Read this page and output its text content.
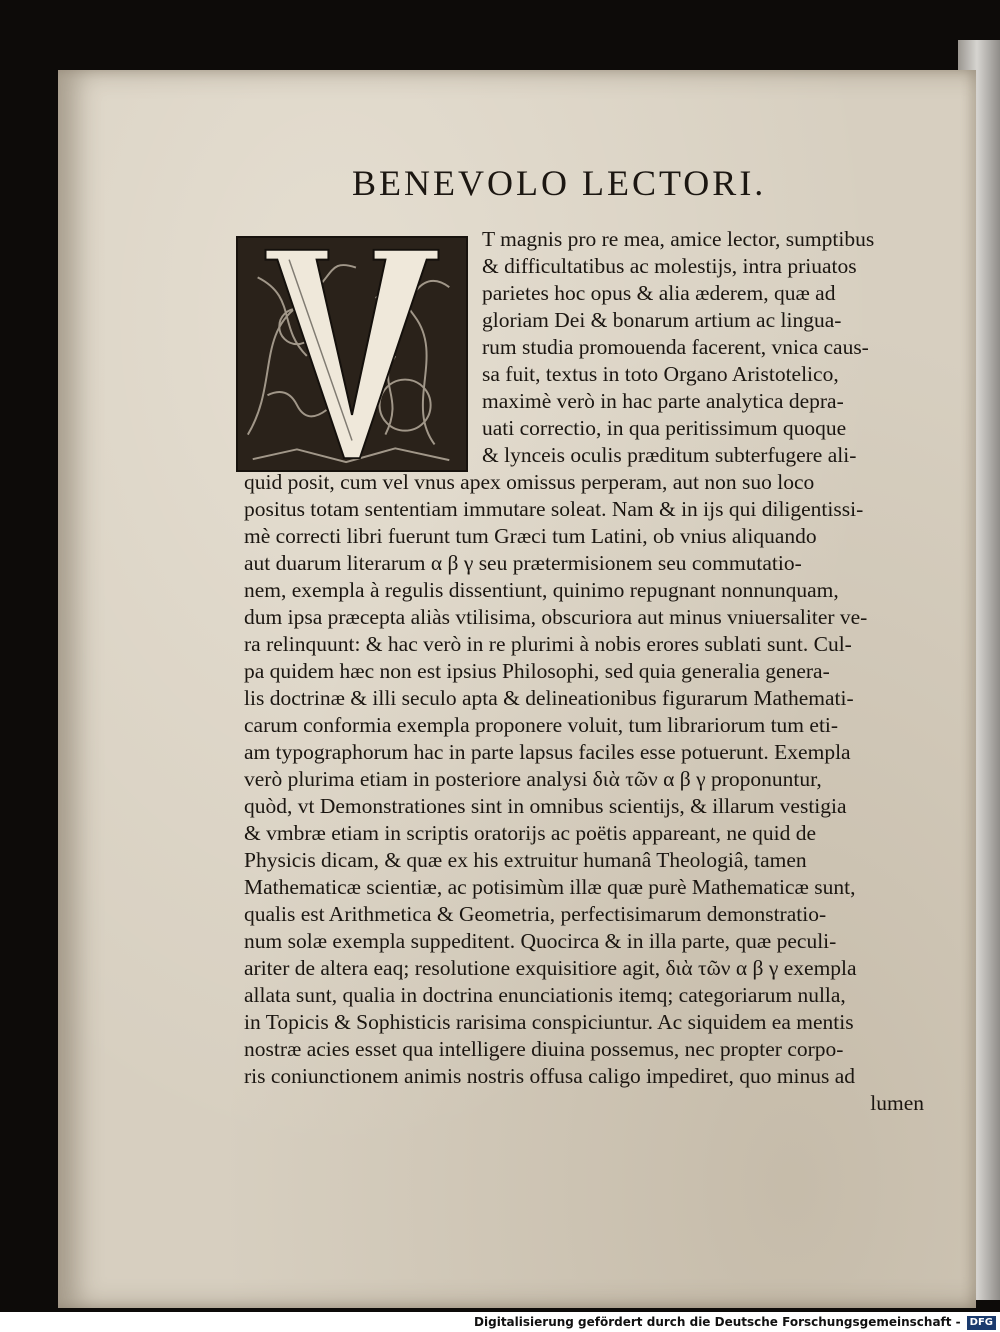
BENEVOLO LECTORI.
T magnis pro re mea, amice lector, sumptibus
& difficultatibus ac molestijs, intra priuatos
parietes hoc opus & alia æderem, quæ ad
gloriam Dei & bonarum artium ac lingua-
rum studia promouenda facerent, vnica caus-
sa fuit, textus in toto Organo Aristotelico,
maximè verò in hac parte analytica depra-
uati correctio, in qua peritissimum quoque
& lynceis oculis præditum subterfugere ali-
quid posit, cum vel vnus apex omissus perperam, aut non suo loco
positus totam sententiam immutare soleat. Nam & in ijs qui diligentissi-
mè correcti libri fuerunt tum Græci tum Latini, ob vnius aliquando
aut duarum literarum α β γ seu prætermisionem seu commutatio-
nem, exempla à regulis dissentiunt, quinimo repugnant nonnunquam,
dum ipsa præcepta aliàs vtilisima, obscuriora aut minus vniuersaliter ve-
ra relinquunt: & hac verò in re plurimi à nobis erores sublati sunt. Cul-
pa quidem hæc non est ipsius Philosophi, sed quia generalia genera-
lis doctrinæ & illi seculo apta & delineationibus figurarum Mathemati-
carum conformia exempla proponere voluit, tum librariorum tum eti-
am typographorum hac in parte lapsus faciles esse potuerunt. Exempla
verò plurima etiam in posteriore analysi διὰ τῶν α β γ proponuntur,
quòd, vt Demonstrationes sint in omnibus scientijs, & illarum vestigia
& vmbræ etiam in scriptis oratorijs ac poëtis appareant, ne quid de
Physicis dicam, & quæ ex his extruitur humanâ Theologiâ, tamen
Mathematicæ scientiæ, ac potisimùm illæ quæ purè Mathematicæ sunt,
qualis est Arithmetica & Geometria, perfectisimarum demonstratio-
num solæ exempla suppeditent. Quocirca & in illa parte, quæ peculi-
ariter de altera eaq; resolutione exquisitiore agit, διὰ τῶν α β γ exempla
allata sunt, qualia in doctrina enunciationis itemq; categoriarum nulla,
in Topicis & Sophisticis rarisima conspiciuntur. Ac siquidem ea mentis
nostræ acies esset qua intelligere diuina possemus, nec propter corpo-
ris coniunctionem animis nostris offusa caligo impediret, quo minus ad
lumen
Digitalisierung gefördert durch die Deutsche Forschungsgemeinschaft - DFG
